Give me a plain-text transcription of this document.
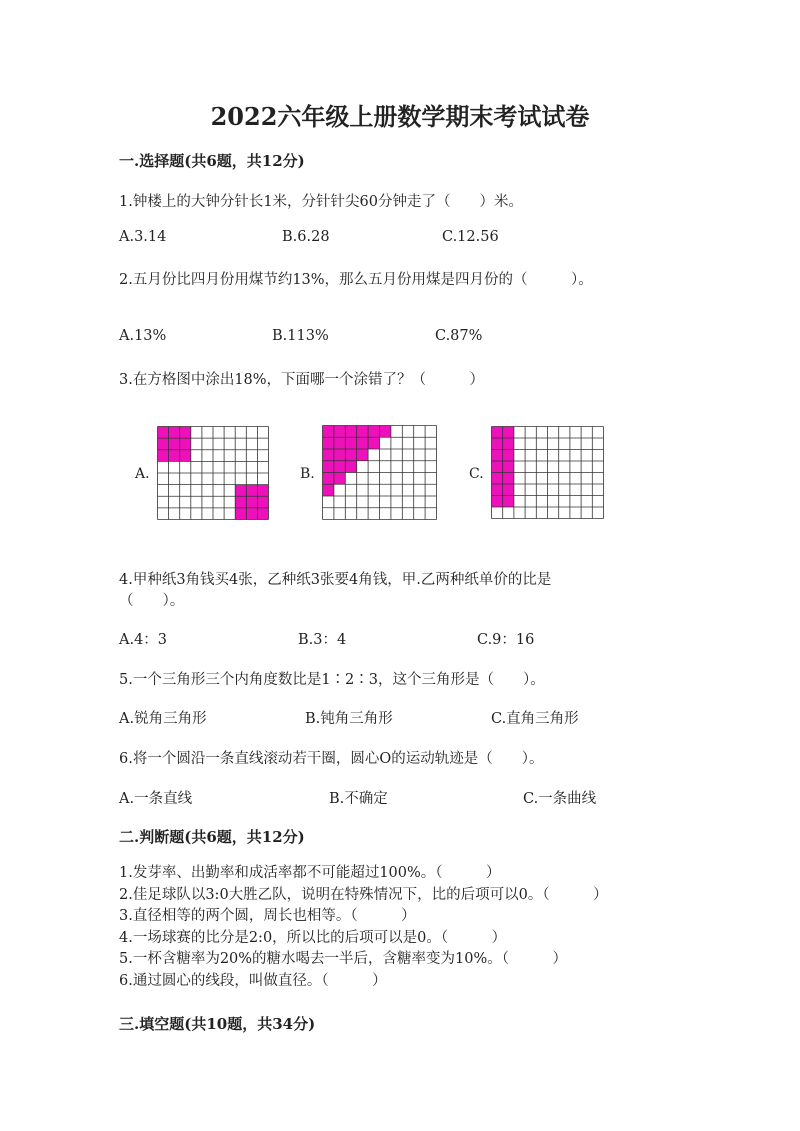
2022六年级上册数学期末考试试卷
一.选择题(共6题，共12分)
1.钟楼上的大钟分针长1米，分针针尖60分钟走了（　　）米。
A.3.14	B.6.28	C.12.56
2.五月份比四月份用煤节约13%，那么五月份用煤是四月份的（　　　）。
A.13%	B.113%	C.87%
3.在方格图中涂出18%，下面哪一个涂错了？（　　　）
A.	B.	C.
4.甲种纸3角钱买4张，乙种纸3张要4角钱，甲.乙两种纸单价的比是
（　　）。
A.4：3	B.3：4	C.9：16
5.一个三角形三个内角度数比是1∶2∶3，这个三角形是（　　）。
A.锐角三角形	B.钝角三角形	C.直角三角形
6.将一个圆沿一条直线滚动若干圈，圆心O的运动轨迹是（　　）。
A.一条直线	B.不确定	C.一条曲线
二.判断题(共6题，共12分)
1.发芽率、出勤率和成活率都不可能超过100%。（　　　）
2.佳足球队以3:0大胜乙队，说明在特殊情况下，比的后项可以0。（　　　）
3.直径相等的两个圆，周长也相等。（　　　）
4.一场球赛的比分是2:0，所以比的后项可以是0。（　　　）
5.一杯含糖率为20%的糖水喝去一半后，含糖率变为10%。（　　　）
6.通过圆心的线段，叫做直径。（　　　）
三.填空题(共10题，共34分)
